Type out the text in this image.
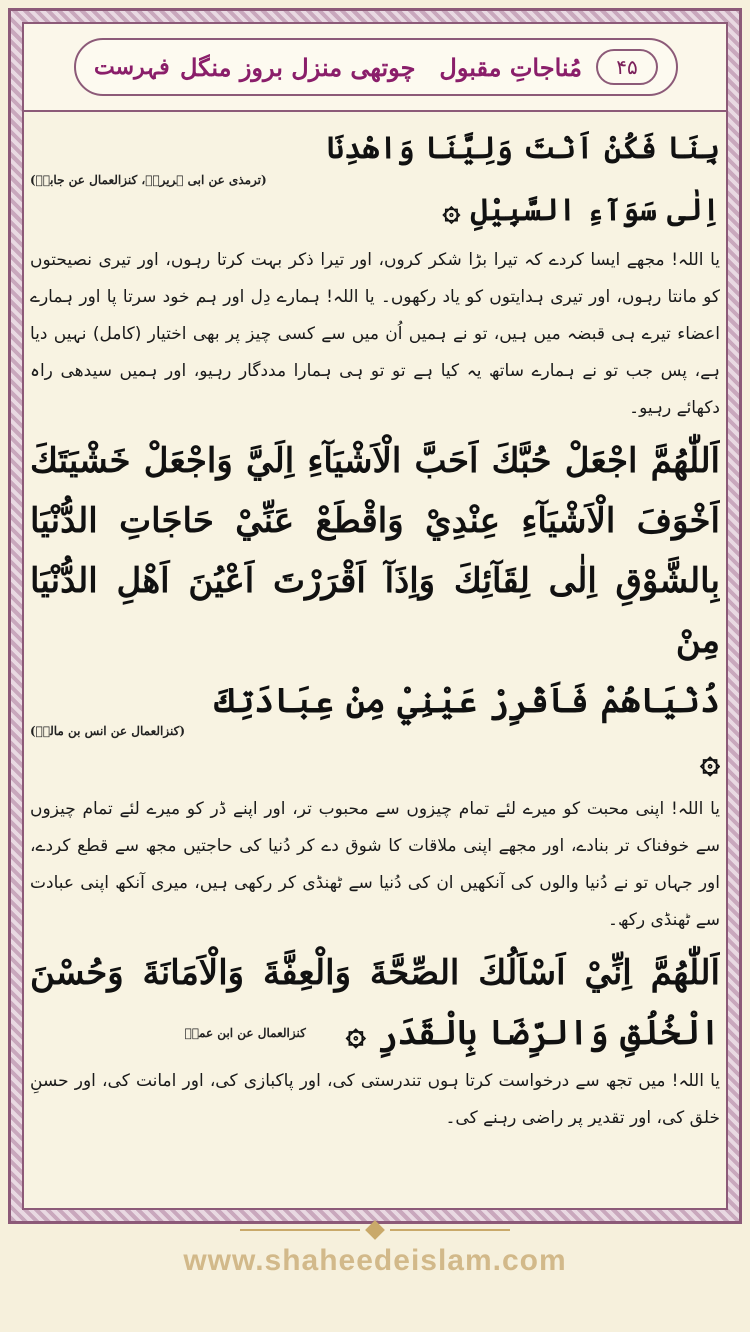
۴۵
مُناجاتِ مقبول
چوتھی منزل بروز منگل
فہرست
بِنَا فَكُنْ اَنْتَ وَلِيَّنَا وَاهْدِنَا اِلٰى سَوَآءِ السَّبِيْلِ ۞
(ترمذی عن ابی ہریرہؓ، کنزالعمال عن جابرؓ)
یا اللہ! مجھے ایسا کردے کہ تیرا بڑا شکر کروں، اور تیرا ذکر بہت کرتا رہوں، اور تیری نصیحتوں کو مانتا رہوں، اور تیری ہدایتوں کو یاد رکھوں۔ یا اللہ! ہمارے دِل اور ہم خود سرتا پا اور ہمارے اعضاء تیرے ہی قبضہ میں ہیں، تو نے ہمیں اُن میں سے کسی چیز پر بھی اختیار (کامل) نہیں دیا ہے، پس جب تو نے ہمارے ساتھ یہ کیا ہے تو تو ہی ہمارا مددگار رہیو، اور ہمیں سیدھی راہ دکھائے رہیو۔
اَللّٰهُمَّ اجْعَلْ حُبَّكَ اَحَبَّ الْاَشْيَآءِ اِلَيَّ وَاجْعَلْ خَشْيَتَكَ
اَخْوَفَ الْاَشْيَآءِ عِنْدِيْ وَاقْطَعْ عَنِّيْ حَاجَاتِ الدُّنْيَا
بِالشَّوْقِ اِلٰى لِقَآئِكَ وَاِذَآ اَقْرَرْتَ اَعْيُنَ اَهْلِ الدُّنْيَا مِنْ
دُنْيَاهُمْ فَاَقْرِرْ عَيْنِيْ مِنْ عِبَادَتِكَ ۞
(کنزالعمال عن انس بن مالکؓ)
یا اللہ! اپنی محبت کو میرے لئے تمام چیزوں سے محبوب تر، اور اپنے ڈر کو میرے لئے تمام چیزوں سے خوفناک تر بنادے، اور مجھے اپنی ملاقات کا شوق دے کر دُنیا کی حاجتیں مجھ سے قطع کردے، اور جہاں تو نے دُنیا والوں کی آنکھیں ان کی دُنیا سے ٹھنڈی کر رکھی ہیں، میری آنکھ اپنی عبادت سے ٹھنڈی رکھ۔
اَللّٰهُمَّ اِنِّيْ اَسْاَلُكَ الصِّحَّةَ وَالْعِفَّةَ وَالْاَمَانَةَ وَحُسْنَ
الْخُلُقِ وَالرِّضَا بِالْقَدَرِ ۞
کنزالعمال عن ابن عمرؓ
یا اللہ! میں تجھ سے درخواست کرتا ہوں تندرستی کی، اور پاکبازی کی، اور امانت کی، اور حسنِ خلق کی، اور تقدیر پر راضی رہنے کی۔
www.shaheedeislam.com
